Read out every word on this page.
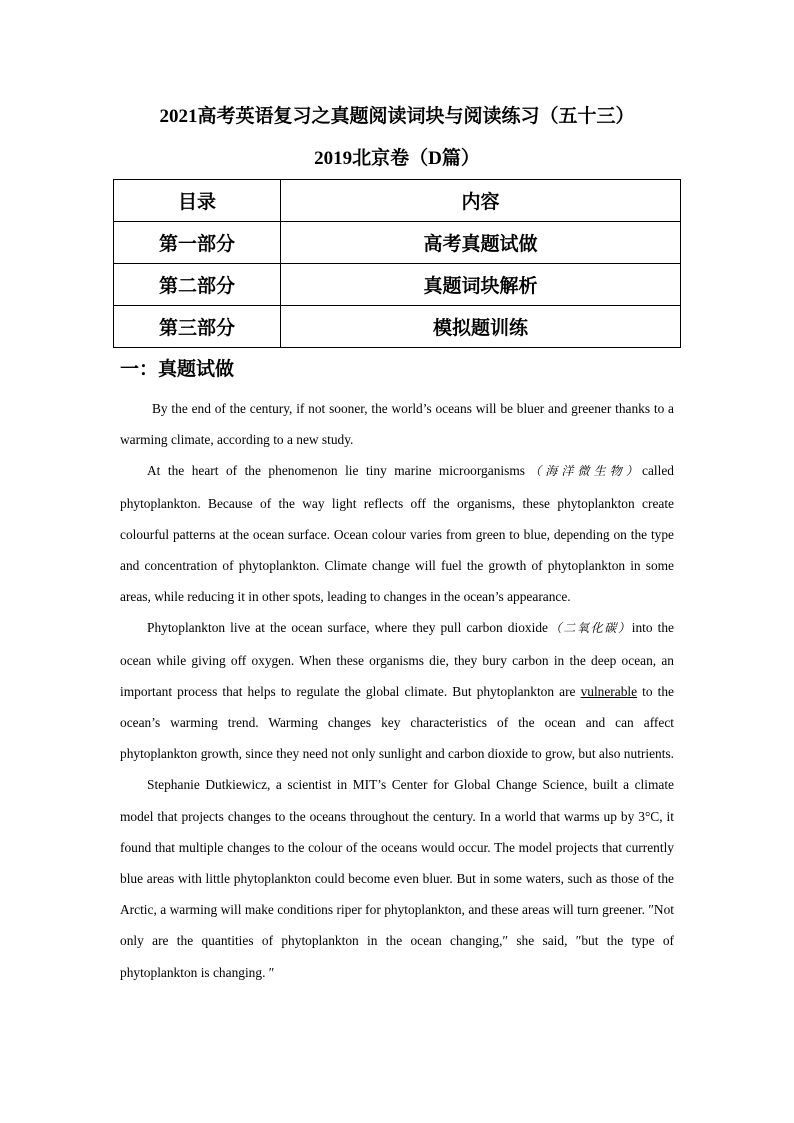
2021高考英语复习之真题阅读词块与阅读练习（五十三）
2019北京卷（D篇）
目录	内容
第一部分	高考真题试做
第二部分	真题词块解析
第三部分	模拟题训练
一：真题试做

By the end of the century, if not sooner, the world’s oceans will be bluer and greener thanks to a warming climate, according to a new study.

At the heart of the phenomenon lie tiny marine microorganisms（海洋微生物）called phytoplankton. Because of the way light reflects off the organisms, these phytoplankton create colourful patterns at the ocean surface. Ocean colour varies from green to blue, depending on the type and concentration of phytoplankton. Climate change will fuel the growth of phytoplankton in some areas, while reducing it in other spots, leading to changes in the ocean’s appearance.

Phytoplankton live at the ocean surface, where they pull carbon dioxide（二氧化碳）into the ocean while giving off oxygen. When these organisms die, they bury carbon in the deep ocean, an important process that helps to regulate the global climate. But phytoplankton are vulnerable to the ocean’s warming trend. Warming changes key characteristics of the ocean and can affect phytoplankton growth, since they need not only sunlight and carbon dioxide to grow, but also nutrients.

Stephanie Dutkiewicz, a scientist in MIT’s Center for Global Change Science, built a climate model that projects changes to the oceans throughout the century. In a world that warms up by 3°C, it found that multiple changes to the colour of the oceans would occur. The model projects that currently blue areas with little phytoplankton could become even bluer. But in some waters, such as those of the Arctic, a warming will make conditions riper for phytoplankton, and these areas will turn greener. ″Not only are the quantities of phytoplankton in the ocean changing,″ she said, ″but the type of phytoplankton is changing. ″
